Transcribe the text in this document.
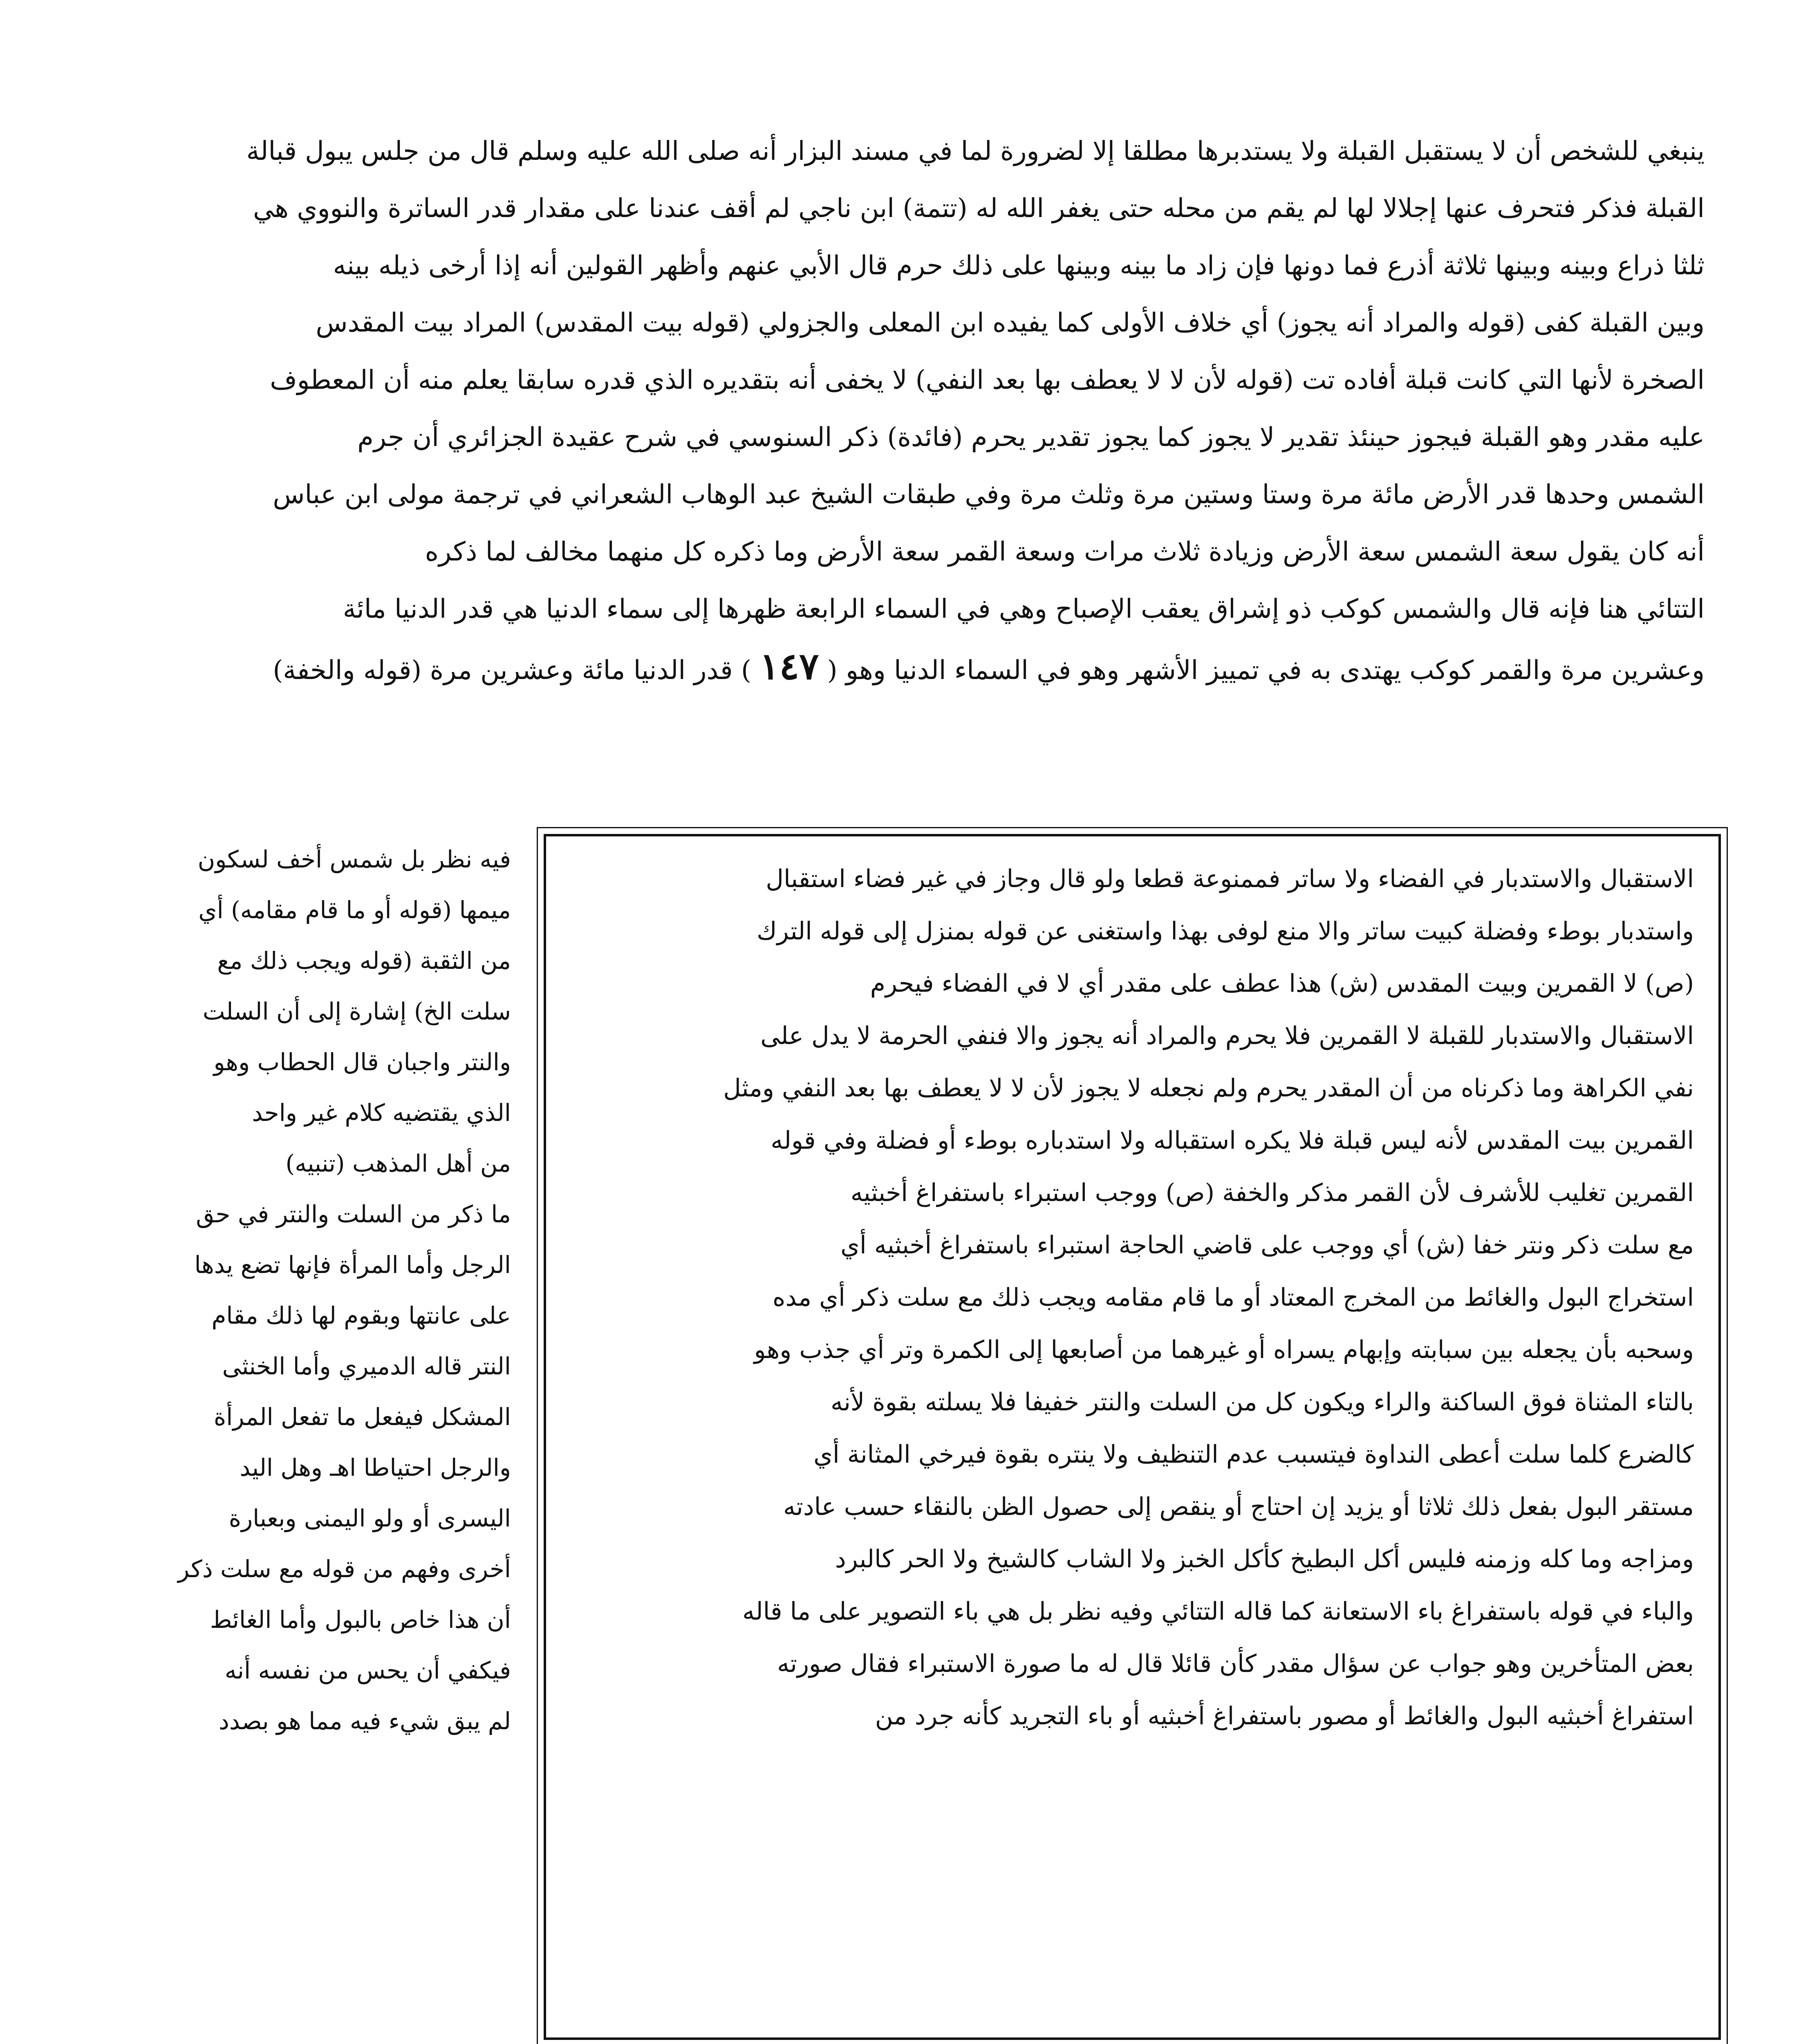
ينبغي للشخص أن لا يستقبل القبلة ولا يستدبرها مطلقا إلا لضرورة لما في مسند البزار أنه صلى الله عليه وسلم قال من جلس يبول قبالة
القبلة فذكر فتحرف عنها إجلالا لها لم يقم من محله حتى يغفر الله له (تتمة) ابن ناجي لم أقف عندنا على مقدار قدر الساترة والنووي هي
ثلثا ذراع وبينه وبينها ثلاثة أذرع فما دونها فإن زاد ما بينه وبينها على ذلك حرم قال الأبي عنهم وأظهر القولين أنه إذا أرخى ذيله بينه
وبين القبلة كفى (قوله والمراد أنه يجوز) أي خلاف الأولى كما يفيده ابن المعلى والجزولي (قوله بيت المقدس) المراد بيت المقدس
الصخرة لأنها التي كانت قبلة أفاده تت (قوله لأن لا لا يعطف بها بعد النفي) لا يخفى أنه بتقديره الذي قدره سابقا يعلم منه أن المعطوف
عليه مقدر وهو القبلة فيجوز حينئذ تقدير لا يجوز كما يجوز تقدير يحرم (فائدة) ذكر السنوسي في شرح عقيدة الجزائري أن جرم
الشمس وحدها قدر الأرض مائة مرة وستا وستين مرة وثلث مرة وفي طبقات الشيخ عبد الوهاب الشعراني في ترجمة مولى ابن عباس
أنه كان يقول سعة الشمس سعة الأرض وزيادة ثلاث مرات وسعة القمر سعة الأرض وما ذكره كل منهما مخالف لما ذكره
التتائي هنا فإنه قال والشمس كوكب ذو إشراق يعقب الإصباح وهي في السماء الرابعة ظهرها إلى سماء الدنيا هي قدر الدنيا مائة
وعشرين مرة والقمر كوكب يهتدى به في تمييز الأشهر وهو في السماء الدنيا وهو ( ١٤٧ ) قدر الدنيا مائة وعشرين مرة (قوله والخفة)
الاستقبال والاستدبار في الفضاء ولا ساتر فممنوعة قطعا ولو قال وجاز في غير فضاء استقبال
واستدبار بوطء وفضلة كبيت ساتر والا منع لوفى بهذا واستغنى عن قوله بمنزل إلى قوله الترك
(ص) لا القمرين وبيت المقدس (ش) هذا عطف على مقدر أي لا في الفضاء فيحرم
الاستقبال والاستدبار للقبلة لا القمرين فلا يحرم والمراد أنه يجوز والا فنفي الحرمة لا يدل على
نفي الكراهة وما ذكرناه من أن المقدر يحرم ولم نجعله لا يجوز لأن لا لا يعطف بها بعد النفي ومثل
القمرين بيت المقدس لأنه ليس قبلة فلا يكره استقباله ولا استدباره بوطء أو فضلة وفي قوله
القمرين تغليب للأشرف لأن القمر مذكر والخفة (ص) ووجب استبراء باستفراغ أخبثيه
مع سلت ذكر ونتر خفا (ش) أي ووجب على قاضي الحاجة استبراء باستفراغ أخبثيه أي
استخراج البول والغائط من المخرج المعتاد أو ما قام مقامه ويجب ذلك مع سلت ذكر أي مده
وسحبه بأن يجعله بين سبابته وإبهام يسراه أو غيرهما من أصابعها إلى الكمرة وتر أي جذب وهو
بالتاء المثناة فوق الساكنة والراء ويكون كل من السلت والنتر خفيفا فلا يسلته بقوة لأنه
كالضرع كلما سلت أعطى النداوة فيتسبب عدم التنظيف ولا ينتره بقوة فيرخي المثانة أي
مستقر البول بفعل ذلك ثلاثا أو يزيد إن احتاج أو ينقص إلى حصول الظن بالنقاء حسب عادته
ومزاجه وما كله وزمنه فليس أكل البطيخ كأكل الخبز ولا الشاب كالشيخ ولا الحر كالبرد
والباء في قوله باستفراغ باء الاستعانة كما قاله التتائي وفيه نظر بل هي باء التصوير على ما قاله
بعض المتأخرين وهو جواب عن سؤال مقدر كأن قائلا قال له ما صورة الاستبراء فقال صورته
استفراغ أخبثيه البول والغائط أو مصور باستفراغ أخبثيه أو باء التجريد كأنه جرد من
فيه نظر بل شمس أخف لسكون
ميمها (قوله أو ما قام مقامه) أي
من الثقبة (قوله ويجب ذلك مع
سلت الخ) إشارة إلى أن السلت
والنتر واجبان قال الحطاب وهو
الذي يقتضيه كلام غير واحد
من أهل المذهب (تنبيه)
ما ذكر من السلت والنتر في حق
الرجل وأما المرأة فإنها تضع يدها
على عانتها وبقوم لها ذلك مقام
النتر قاله الدميري وأما الخنثى
المشكل فيفعل ما تفعل المرأة
والرجل احتياطا اهـ وهل اليد
اليسرى أو ولو اليمنى وبعبارة
أخرى وفهم من قوله مع سلت ذكر
أن هذا خاص بالبول وأما الغائط
فيكفي أن يحس من نفسه أنه
لم يبق شيء فيه مما هو بصدد
